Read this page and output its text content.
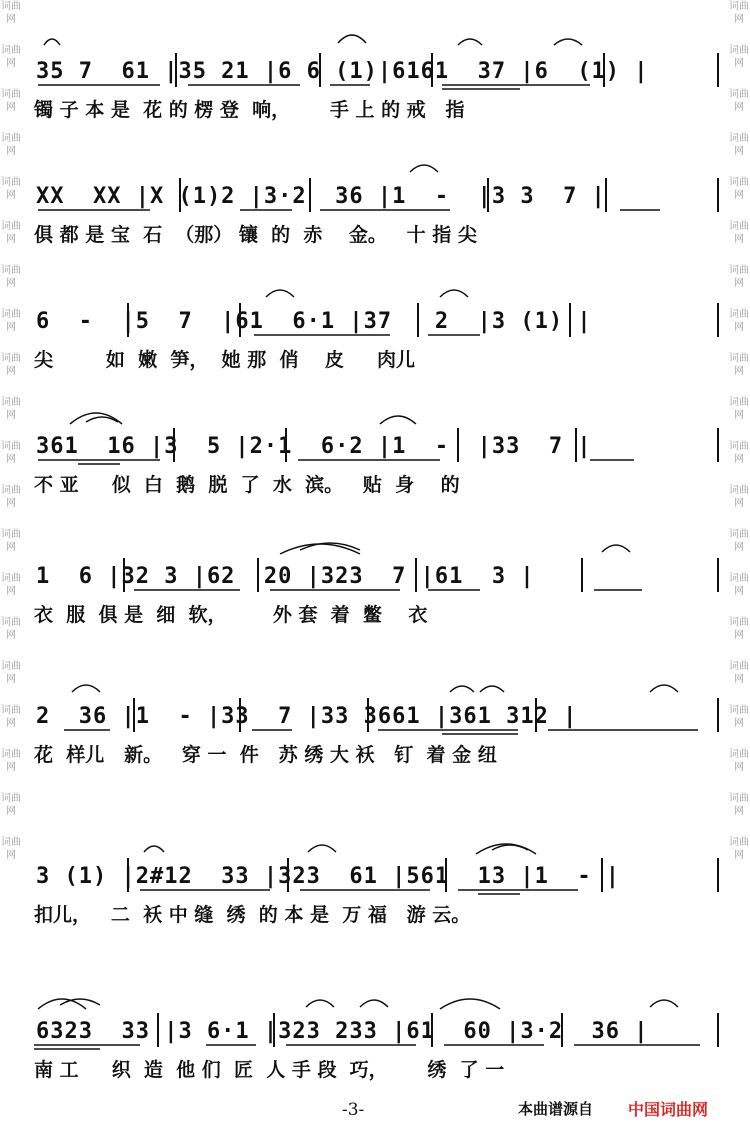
词曲网
词曲网
词曲网
词曲网
词曲网
词曲网
词曲网
词曲网
词曲网
词曲网
词曲网
词曲网
词曲网
词曲网
词曲网
词曲网
词曲网
词曲网
词曲网
词曲网
词曲网
词曲网
词曲网
词曲网
词曲网
词曲网
词曲网
词曲网
词曲网
词曲网
词曲网
词曲网
词曲网
词曲网
词曲网
词曲网
词曲网
词曲网
词曲网
词曲网
35 7  61 |35 21 |6 6 (1)|6161  37 |6  (1) |
镯 子 本 是  花 的 楞 登  响，      手 上 的 戒   指
XX  XX |X (1)2 |3·2  36 |1  -  |3 3  7 |
俱 都 是 宝  石  （那） 镶  的  赤    金。   十 指 尖
6  -  |5  7  |61  6·1 |37   2  |3 (1) |
尖        如  嫩  笋，  她 那  俏    皮     肉儿
361  16 |3  5 |2·1  6·2 |1  -  |33  7 |
不 亚     似  白  鹅  脱  了  水  滨。   贴  身    的
1  6 |32 3 |62  20 |323  7 |61  3 |
衣  服  俱 是  细  软，       外 套  着  鳖    衣
2  36 |1  - |33  7 |33 3661 |361 312 |
花  样儿   新。   穿 一  件   苏 绣 大 袄   钉  着 金 纽
3 (1) |2#12  33 |323  61 |561  13 |1  - |
扣儿，   二  袄 中 缝  绣  的 本 是  万 福   游 云。
6323  33 |3 6·1 |323 233 |61  60 |3·2  36 |
南 工     织  造  他 们  匠  人 手 段  巧，      绣  了 一
-3-	本曲谱源自 中国词曲网
